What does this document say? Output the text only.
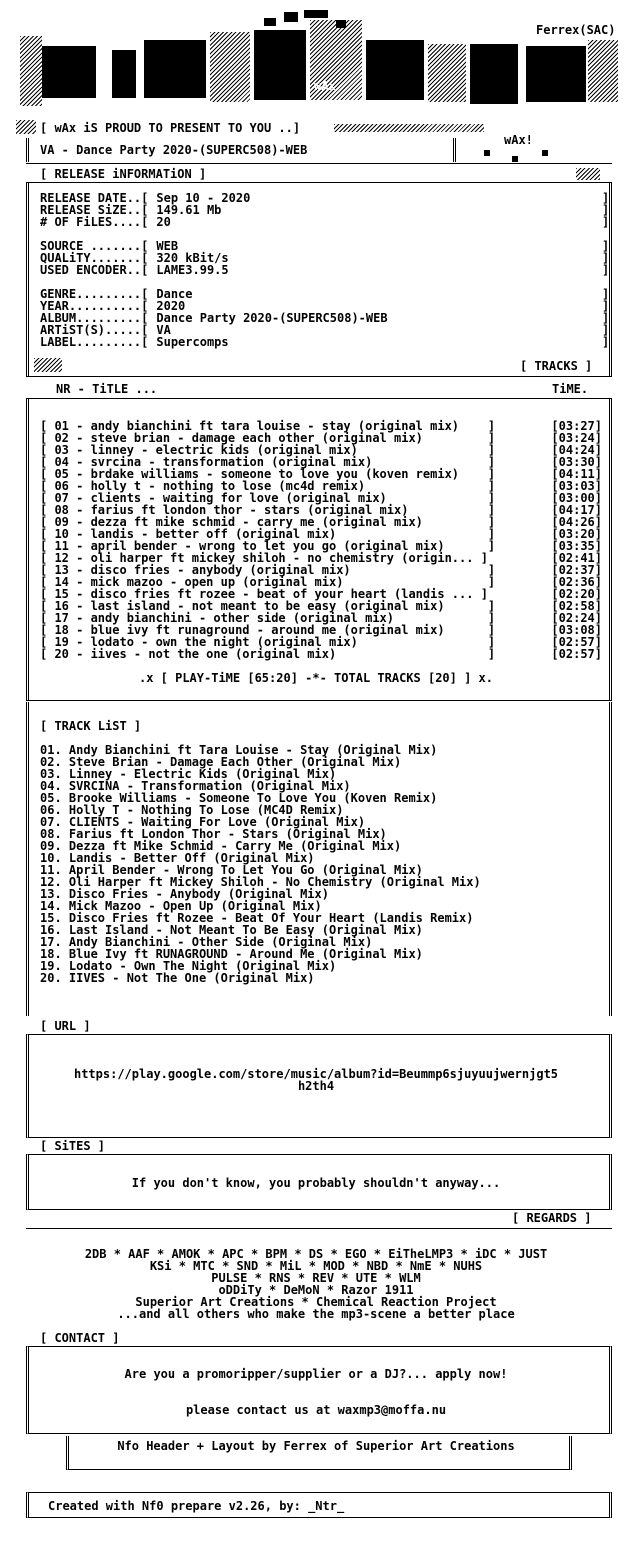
Ferrex(SAC)
wAx
[ wAx iS PROUD TO PRESENT TO YOU ..]
wAx!
VA - Dance Party 2020-(SUPERC508)-WEB
[ RELEASE iNFORMATiON ]
RELEASE DATE..[ Sep 10 - 2020	]
RELEASE SiZE..[ 149.61 Mb	]
# OF FiLES....[ 20	]
SOURCE .......[ WEB	]
QUALiTY.......[ 320 kBit/s	]
USED ENCODER..[ LAME3.99.5	]
GENRE.........[ Dance	]
YEAR..........[ 2020	]
ALBUM.........[ Dance Party 2020-(SUPERC508)-WEB	]
ARTiST(S).....[ VA	]
LABEL.........[ Supercomps	]
[ TRACKS ]
NR - TiTLE ...	TiME.
[ 01 - andy bianchini ft tara louise - stay (original mix)    ]	[03:27]
[ 02 - steve brian - damage each other (original mix)         ]	[03:24]
[ 03 - linney - electric kids (original mix)                  ]	[04:24]
[ 04 - svrcina - transformation (original mix)                ]	[03:30]
[ 05 - brdake williams - someone to love you (koven remix)    ]	[04:11]
[ 06 - holly t - nothing to lose (mc4d remix)                 ]	[03:03]
[ 07 - clients - waiting for love (original mix)              ]	[03:00]
[ 08 - farius ft london thor - stars (original mix)           ]	[04:17]
[ 09 - dezza ft mike schmid - carry me (original mix)         ]	[04:26]
[ 10 - landis - better off (original mix)                     ]	[03:20]
[ 11 - april bender - wrong to let you go (original mix)      ]	[03:35]
[ 12 - oli harper ft mickey shiloh - no chemistry (origin... ]	[02:41]
[ 13 - disco fries - anybody (original mix)                   ]	[02:37]
[ 14 - mick mazoo - open up (original mix)                    ]	[02:36]
[ 15 - disco fries ft rozee - beat of your heart (landis ... ]	[02:20]
[ 16 - last island - not meant to be easy (original mix)      ]	[02:58]
[ 17 - andy bianchini - other side (original mix)             ]	[02:24]
[ 18 - blue ivy ft runaground - around me (original mix)      ]	[03:08]
[ 19 - lodato - own the night (original mix)                  ]	[02:57]
[ 20 - iives - not the one (original mix)                     ]	[02:57]
.x [ PLAY-TiME [65:20] -*- TOTAL TRACKS [20] ] x.
[ TRACK LiST ]
01. Andy Bianchini ft Tara Louise - Stay (Original Mix)
02. Steve Brian - Damage Each Other (Original Mix)
03. Linney - Electric Kids (Original Mix)
04. SVRCINA - Transformation (Original Mix)
05. Brooke Williams - Someone To Love You (Koven Remix)
06. Holly T - Nothing To Lose (MC4D Remix)
07. CLIENTS - Waiting For Love (Original Mix)
08. Farius ft London Thor - Stars (Original Mix)
09. Dezza ft Mike Schmid - Carry Me (Original Mix)
10. Landis - Better Off (Original Mix)
11. April Bender - Wrong To Let You Go (Original Mix)
12. Oli Harper ft Mickey Shiloh - No Chemistry (Original Mix)
13. Disco Fries - Anybody (Original Mix)
14. Mick Mazoo - Open Up (Original Mix)
15. Disco Fries ft Rozee - Beat Of Your Heart (Landis Remix)
16. Last Island - Not Meant To Be Easy (Original Mix)
17. Andy Bianchini - Other Side (Original Mix)
18. Blue Ivy ft RUNAGROUND - Around Me (Original Mix)
19. Lodato - Own The Night (Original Mix)
20. IIVES - Not The One (Original Mix)
[ URL ]
https://play.google.com/store/music/album?id=Beummp6sjuyuujwernjgt5
h2th4
[ SiTES ]
If you don't know, you probably shouldn't anyway...
[ REGARDS ]
2DB * AAF * AMOK * APC * BPM * DS * EGO * EiTheLMP3 * iDC * JUST
KSi * MTC * SND * MiL * MOD * NBD * NmE * NUHS
PULSE * RNS * REV * UTE * WLM
oDDiTy * DeMoN * Razor 1911
Superior Art Creations * Chemical Reaction Project
...and all others who make the mp3-scene a better place
[ CONTACT ]
Are you a promoripper/supplier or a DJ?... apply now!
please contact us at waxmp3@moffa.nu
Nfo Header + Layout by Ferrex of Superior Art Creations
Created with Nf0 prepare v2.26, by: _Ntr_
